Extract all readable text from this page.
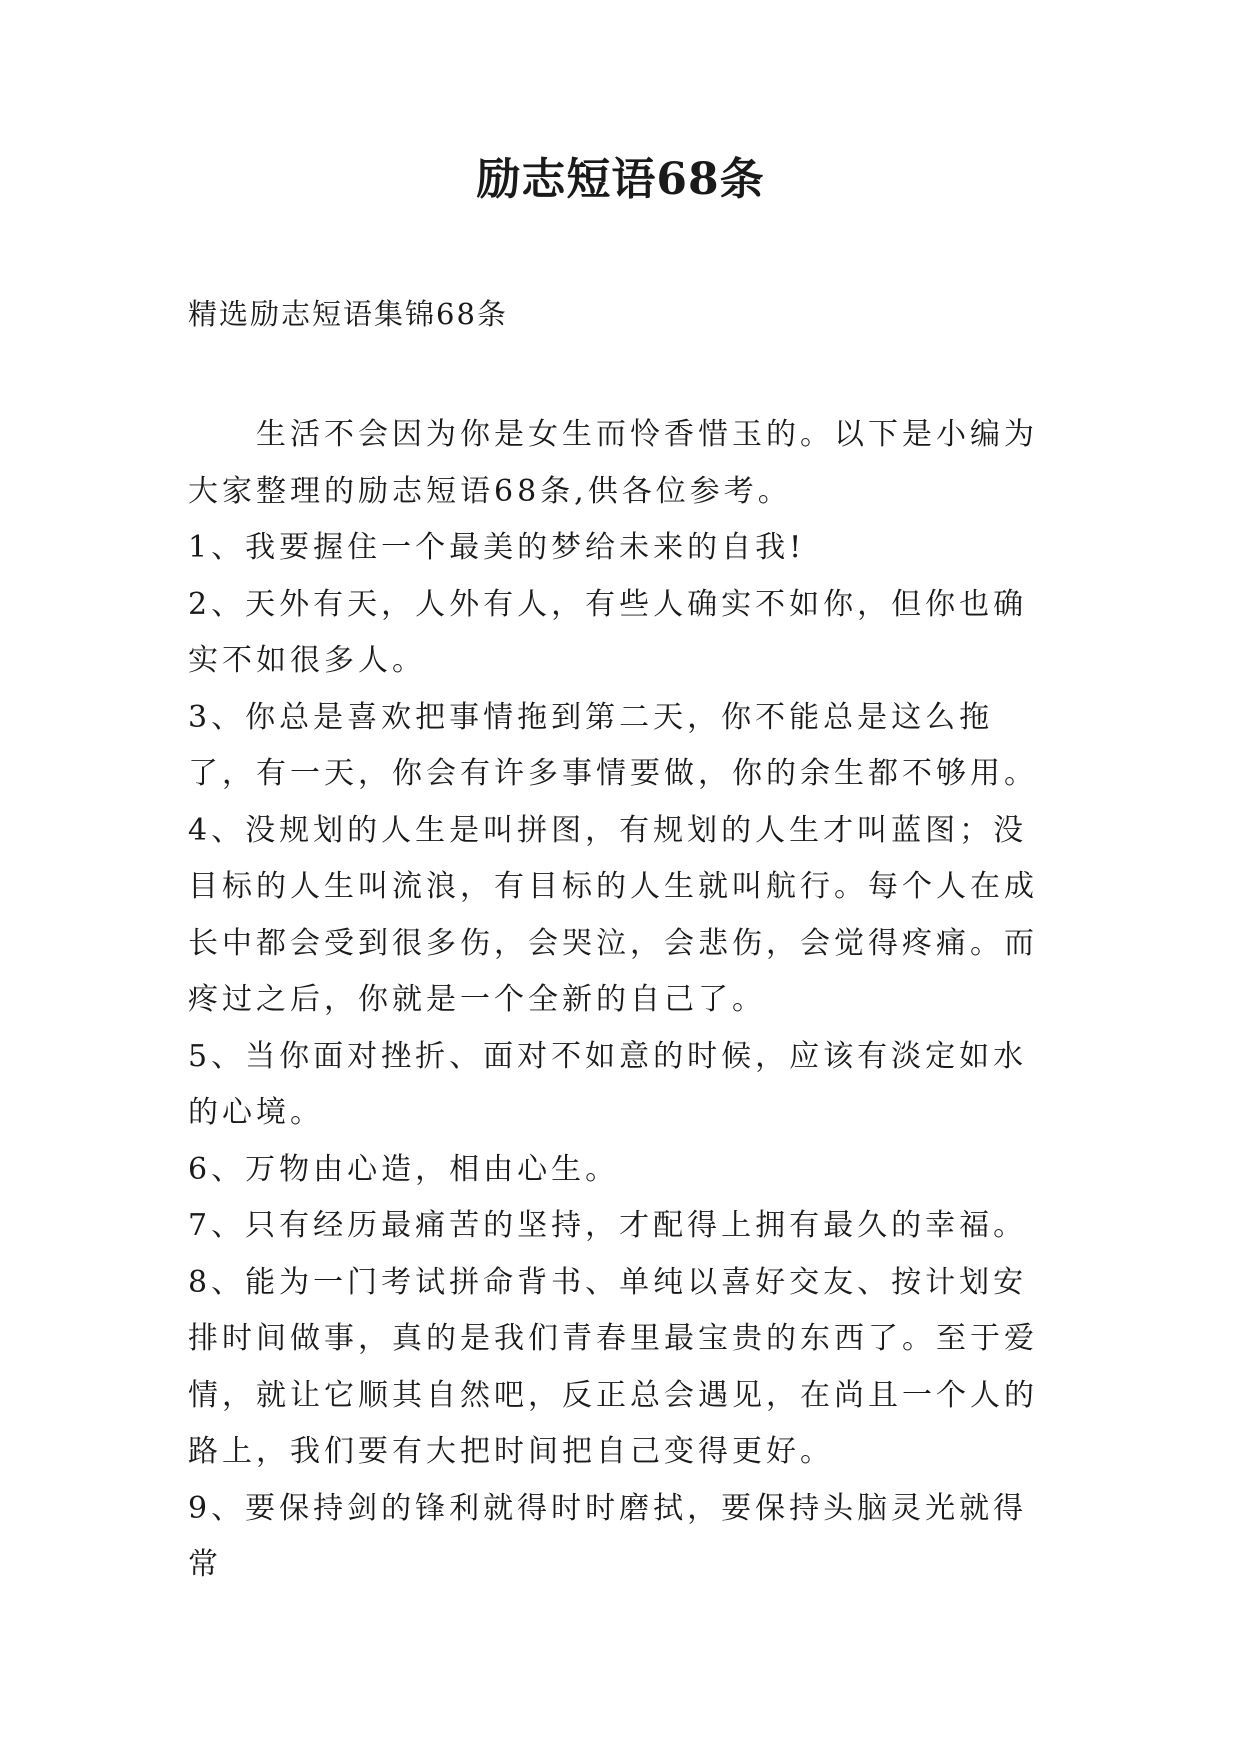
励志短语68条

精选励志短语集锦68条

生活不会因为你是女生而怜香惜玉的。以下是小编为大家整理的励志短语68条,供各位参考。

1、我要握住一个最美的梦给未来的自我!

2、天外有天，人外有人，有些人确实不如你，但你也确实不如很多人。

3、你总是喜欢把事情拖到第二天，你不能总是这么拖了，有一天，你会有许多事情要做，你的余生都不够用。

4、没规划的人生是叫拼图，有规划的人生才叫蓝图；没目标的人生叫流浪，有目标的人生就叫航行。每个人在成长中都会受到很多伤，会哭泣，会悲伤，会觉得疼痛。而疼过之后，你就是一个全新的自己了。

5、当你面对挫折、面对不如意的时候，应该有淡定如水的心境。

6、万物由心造，相由心生。

7、只有经历最痛苦的坚持，才配得上拥有最久的幸福。

8、能为一门考试拼命背书、单纯以喜好交友、按计划安排时间做事，真的是我们青春里最宝贵的东西了。至于爱情，就让它顺其自然吧，反正总会遇见，在尚且一个人的路上，我们要有大把时间把自己变得更好。

9、要保持剑的锋利就得时时磨拭，要保持头脑灵光就得常
